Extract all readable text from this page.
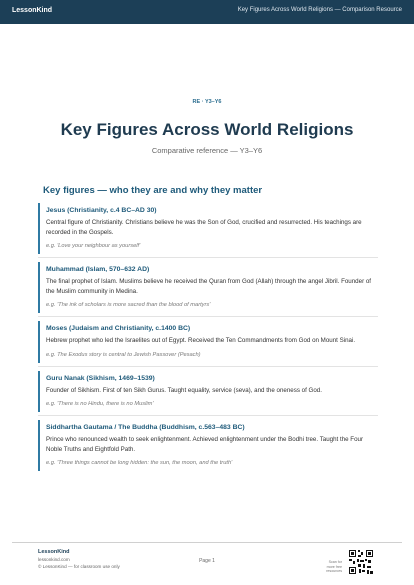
LessonKind	Key Figures Across World Religions — Comparison Resource
RE · Y3–Y6
Key Figures Across World Religions
Comparative reference — Y3–Y6
Key figures — who they are and why they matter
Jesus (Christianity, c.4 BC–AD 30)
Central figure of Christianity. Christians believe he was the Son of God, crucified and resurrected. His teachings are recorded in the Gospels.
e.g. 'Love your neighbour as yourself'
Muhammad (Islam, 570–632 AD)
The final prophet of Islam. Muslims believe he received the Quran from God (Allah) through the angel Jibril. Founder of the Muslim community in Medina.
e.g. 'The ink of scholars is more sacred than the blood of martyrs'
Moses (Judaism and Christianity, c.1400 BC)
Hebrew prophet who led the Israelites out of Egypt. Received the Ten Commandments from God on Mount Sinai.
e.g. The Exodus story is central to Jewish Passover (Pesach)
Guru Nanak (Sikhism, 1469–1539)
Founder of Sikhism. First of ten Sikh Gurus. Taught equality, service (seva), and the oneness of God.
e.g. 'There is no Hindu, there is no Muslim'
Siddhartha Gautama / The Buddha (Buddhism, c.563–483 BC)
Prince who renounced wealth to seek enlightenment. Achieved enlightenment under the Bodhi tree. Taught the Four Noble Truths and Eightfold Path.
e.g. 'Three things cannot be long hidden: the sun, the moon, and the truth'
LessonKind
lessonkind.com
© LessonKind — for classroom use only
Page 1	Scan for
more free resources
